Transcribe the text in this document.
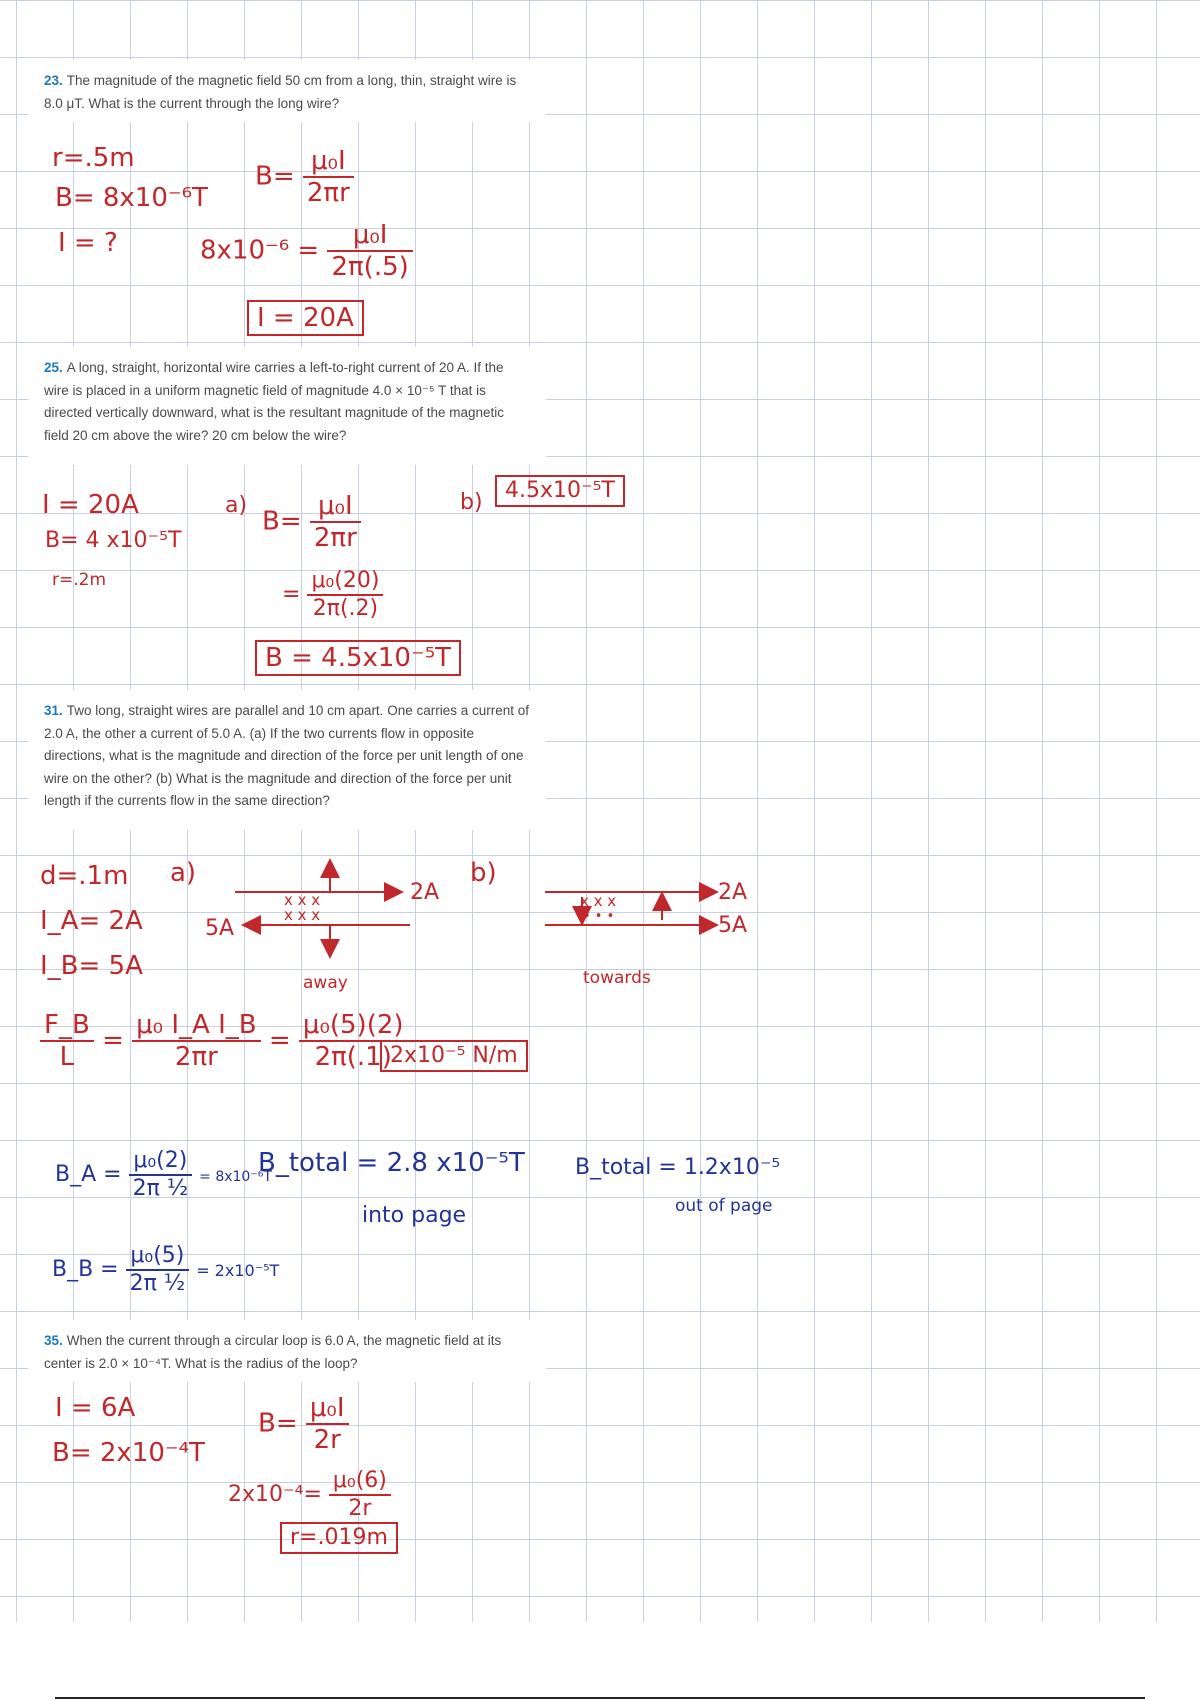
23. The magnitude of the magnetic field 50 cm from a long, thin, straight wire is 8.0 μT. What is the current through the long wire?
r=.5m
B= 8x10⁻⁶T
I = ?
$B= \frac{\text{μ₀I}}{2\pi r}$
$8x10^{-6} = \frac{\text{μ₀I}}{2\pi(.5)}$
I = 20A
25. A long, straight, horizontal wire carries a left-to-right current of 20 A. If the wire is placed in a uniform magnetic field of magnitude 4.0 × 10⁻⁵ T that is directed vertically downward, what is the resultant magnitude of the magnetic field 20 cm above the wire? 20 cm below the wire?
I = 20A
B= 4 x10⁻⁵T
r=.2m
a)
$B= \frac{\text{μ₀I}}{2\pi r}$
= $\frac{\text{μ₀(20)}}{2\pi(.2)}$
B = 4.5x10⁻⁵T
b)	4.5x10⁻⁵T
31. Two long, straight wires are parallel and 10 cm apart. One carries a current of 2.0 A, the other a current of 5.0 A. (a) If the two currents flow in opposite directions, what is the magnitude and direction of the force per unit length of one wire on the other? (b) What is the magnitude and direction of the force per unit length if the currents flow in the same direction?
d=.1m
I_A= 2A
I_B= 5A
a)	b)
x x x
x x x
2A
5A
away
x x x
• • •
2A
5A
towards
$\frac{F\_B}{L} = \frac{\text{μ₀ I\_A I\_B}}{2\pi r} = \frac{\text{μ₀(5)(2)}}{2\pi(.1)}$
2x10⁻⁵ N/m
B_A = $\frac{\text{μ₀(2)}}{\text{2π ½}} = 8x10^{-6}T$
B_total = 2.8 x10⁻⁵T
into page
B_total = 1.2x10⁻⁵
out of page
B_B = $\frac{\text{μ₀(5)}}{\text{2π ½}} = 2x10^{-5}T$
35. When the current through a circular loop is 6.0 A, the magnetic field at its center is 2.0 × 10⁻⁴T. What is the radius of the loop?
I = 6A
B= 2x10⁻⁴T
$B= \frac{\text{μ₀I}}{2r}$
$2x10^{-4}= \frac{\text{μ₀(6)}}{2r}$
r=.019m
